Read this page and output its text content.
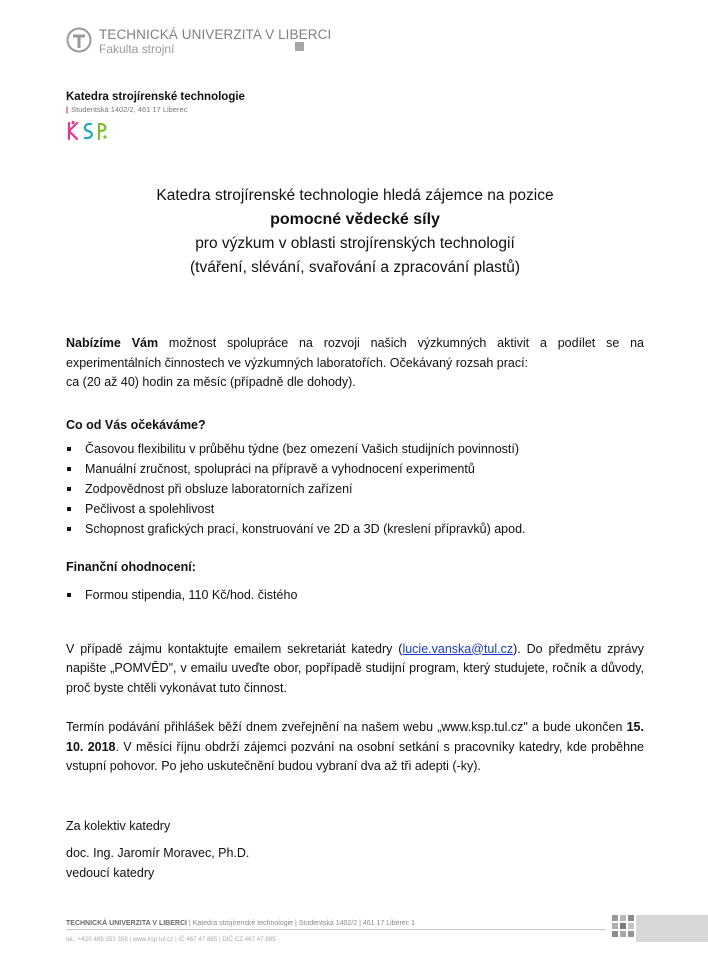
TECHNICKÁ UNIVERZITA V LIBERCI
Fakulta strojní
Katedra strojírenské technologie
| Studentská 1402/2, 461 17 Liberec
Katedra strojírenské technologie hledá zájemce na pozice
pomocné vědecké síly
pro výzkum v oblasti strojírenských technologií
(tváření, slévání, svařování a zpracování plastů)

Nabízíme Vám možnost spolupráce na rozvoji našich výzkumných aktivit a podílet se na experimentálních činnostech ve výzkumných laboratořích. Očekávaný rozsah prací:

ca (20 až 40) hodin za měsíc (případně dle dohody).

Co od Vás očekáváme?
Časovou flexibilitu v průběhu týdne (bez omezení Vašich studijních povinností)
Manuální zručnost, spolupráci na přípravě a vyhodnocení experimentů
Zodpovědnost při obsluze laboratorních zařízení
Pečlivost a spolehlivost
Schopnost grafických prací, konstruování ve 2D a 3D (kreslení přípravků) apod.
Finanční ohodnocení:
Formou stipendia, 110 Kč/hod. čistého

V případě zájmu kontaktujte emailem sekretariát katedry (lucie.vanska@tul.cz). Do předmětu zprávy napište „POMVĚD", v emailu uveďte obor, popřípadě studijní program, který studujete, ročník a důvody, proč byste chtěli vykonávat tuto činnost.

Termín podávání přihlášek běží dnem zveřejnění na našem webu „www.ksp.tul.cz" a bude ukončen 15. 10. 2018. V měsíci říjnu obdrží zájemci pozvání na osobní setkání s pracovníky katedry, kde proběhne vstupní pohovor. Po jeho uskutečnění budou vybraní dva až tři adepti (-ky).

Za kolektiv katedry

doc. Ing. Jaromír Moravec, Ph.D.

vedoucí katedry

TECHNICKÁ UNIVERZITA V LIBERCI | Katedra strojírenské technologie | Studentská 1402/2 | 461 17 Liberec 1
tel.: +420 485 353 358 | www.ksp.tul.cz | IČ 467 47 885 | DIČ CZ 467 47 885
